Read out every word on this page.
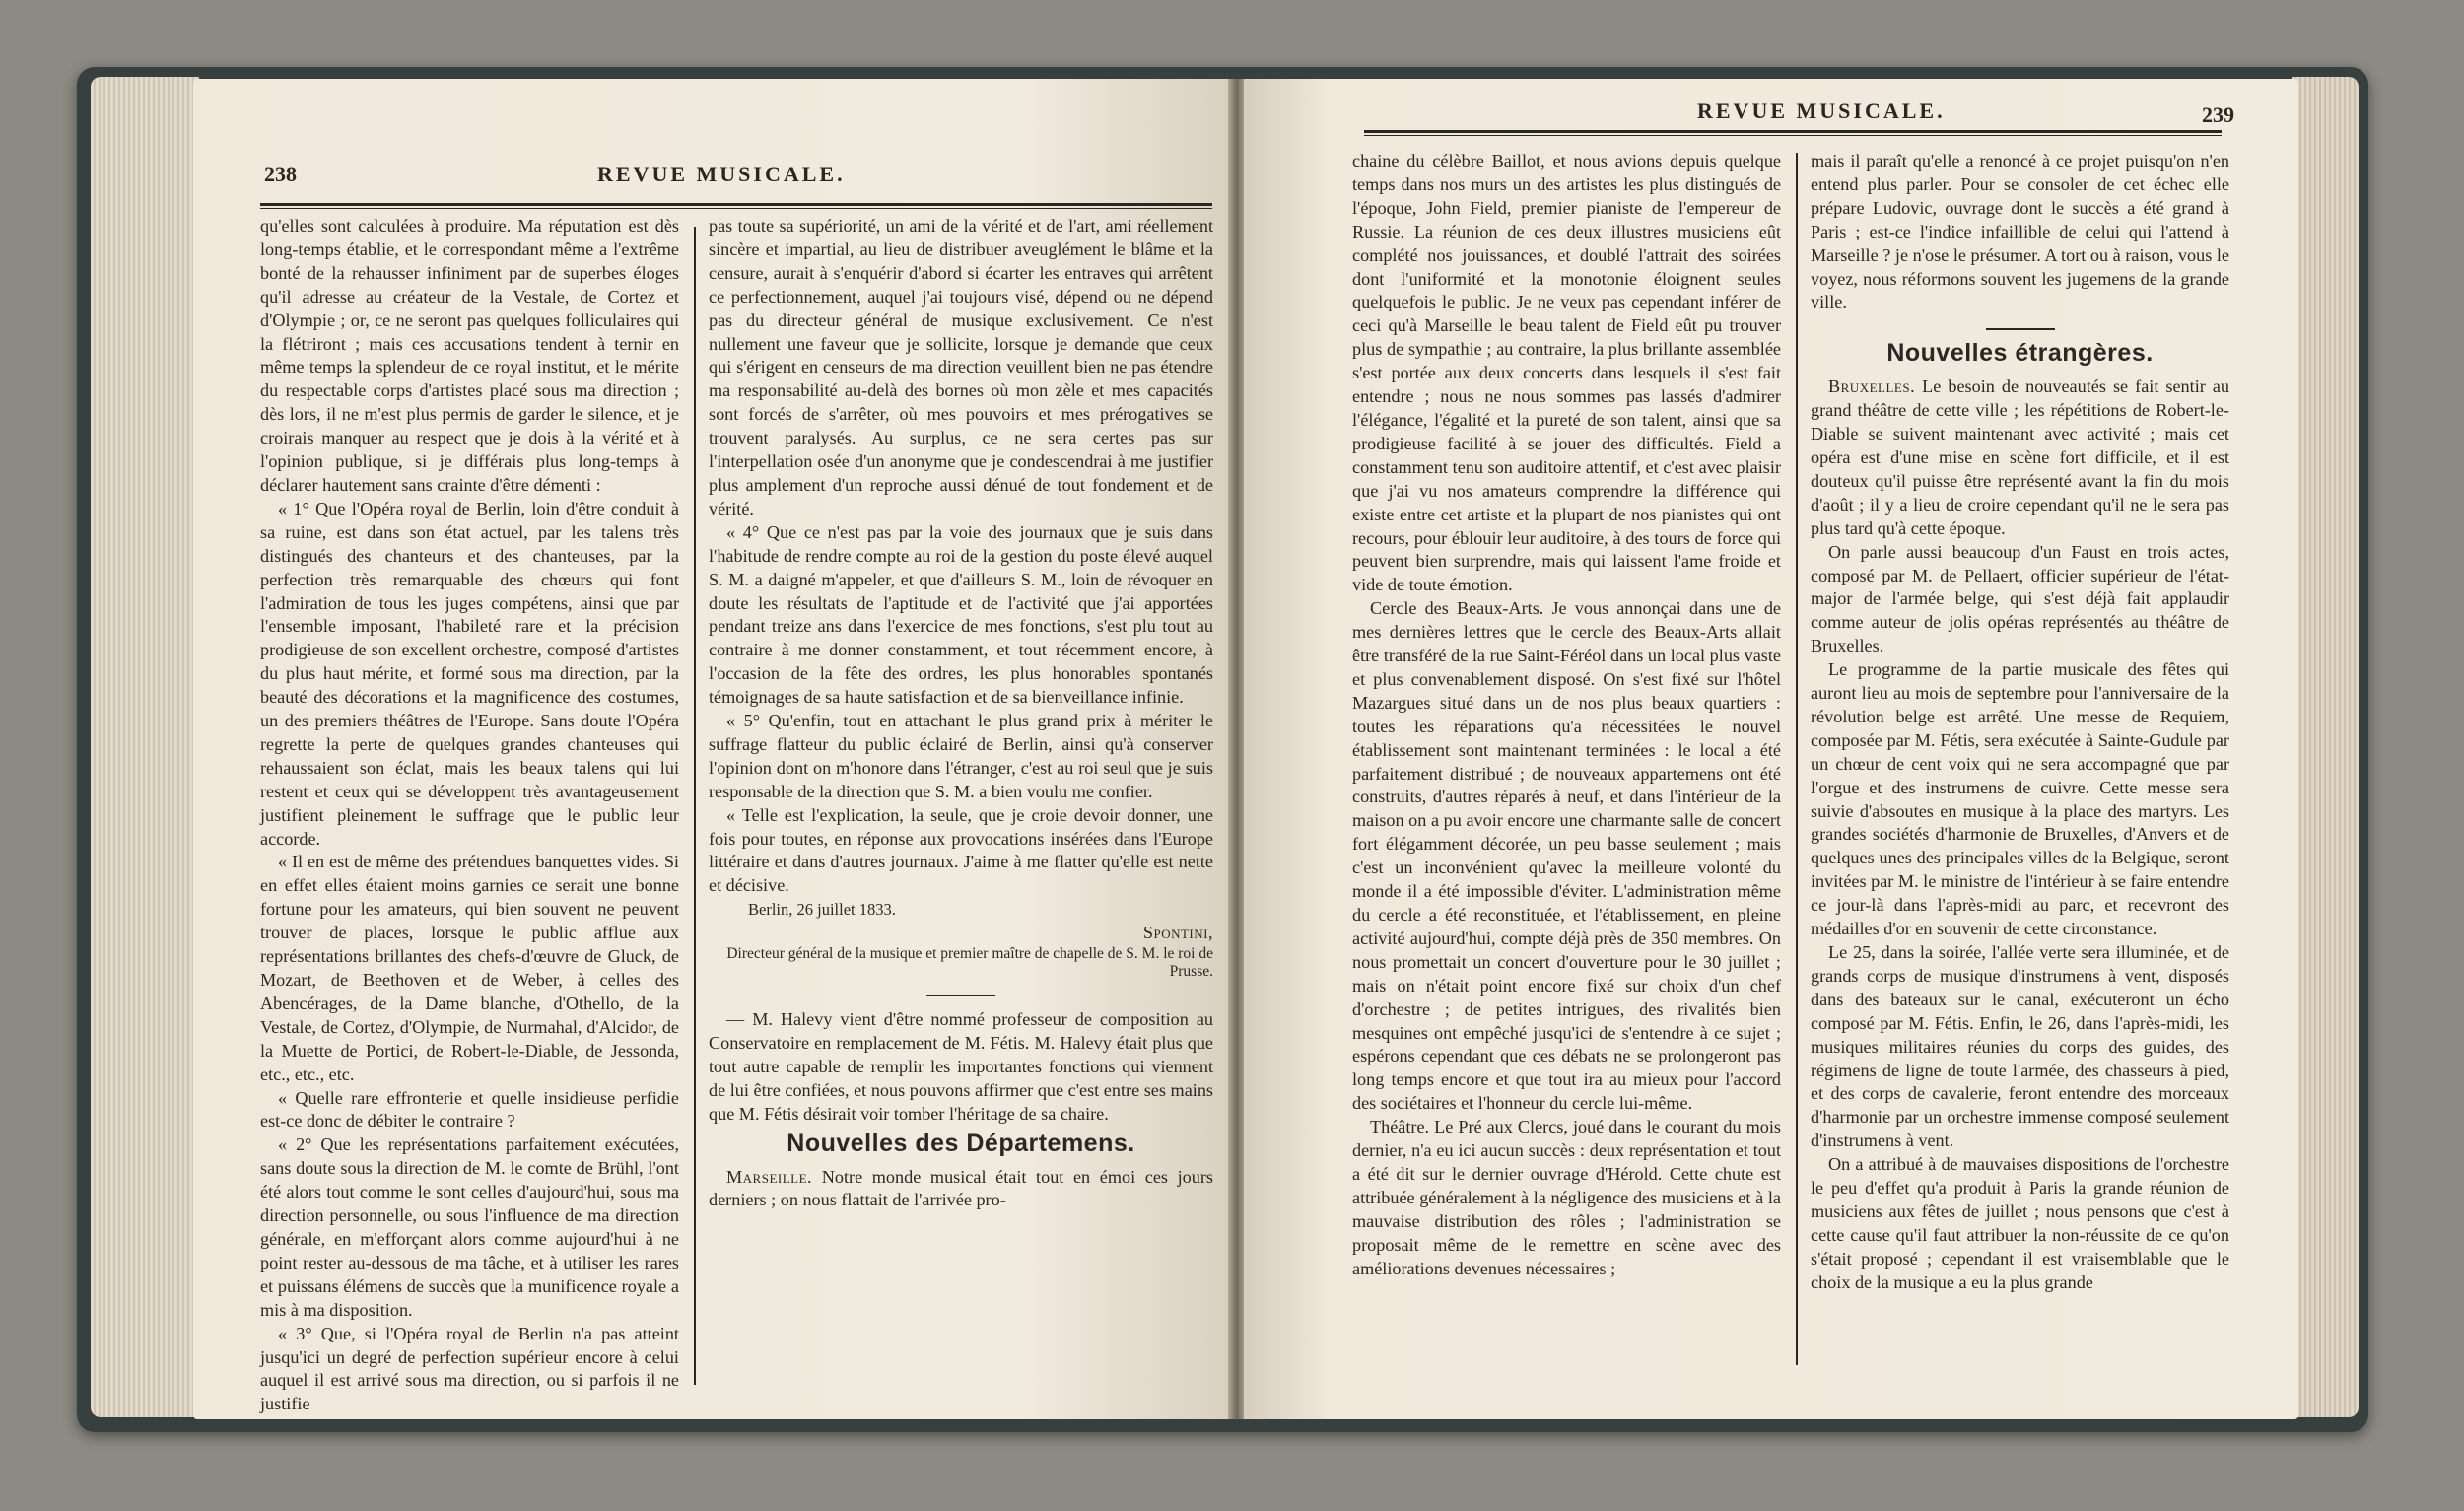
238	REVUE MUSICALE.

qu'elles sont calculées à produire. Ma réputation est dès long-temps établie, et le correspondant même a l'extrême bonté de la rehausser infiniment par de superbes éloges qu'il adresse au créateur de la Vestale, de Cortez et d'Olympie ; or, ce ne seront pas quelques folliculaires qui la flétriront ; mais ces accusations tendent à ternir en même temps la splendeur de ce royal institut, et le mérite du respectable corps d'artistes placé sous ma direction ; dès lors, il ne m'est plus permis de garder le silence, et je croirais manquer au respect que je dois à la vérité et à l'opinion publique, si je différais plus long-temps à déclarer hautement sans crainte d'être démenti :

« 1° Que l'Opéra royal de Berlin, loin d'être conduit à sa ruine, est dans son état actuel, par les talens très distingués des chanteurs et des chanteuses, par la perfection très remarquable des chœurs qui font l'admiration de tous les juges compétens, ainsi que par l'ensemble imposant, l'habileté rare et la précision prodigieuse de son excellent orchestre, composé d'artistes du plus haut mérite, et formé sous ma direction, par la beauté des décorations et la magnificence des costumes, un des premiers théâtres de l'Europe. Sans doute l'Opéra regrette la perte de quelques grandes chanteuses qui rehaussaient son éclat, mais les beaux talens qui lui restent et ceux qui se développent très avantageusement justifient pleinement le suffrage que le public leur accorde.

« Il en est de même des prétendues banquettes vides. Si en effet elles étaient moins garnies ce serait une bonne fortune pour les amateurs, qui bien souvent ne peuvent trouver de places, lorsque le public afflue aux représentations brillantes des chefs-d'œuvre de Gluck, de Mozart, de Beethoven et de Weber, à celles des Abencérages, de la Dame blanche, d'Othello, de la Vestale, de Cortez, d'Olympie, de Nurmahal, d'Alcidor, de la Muette de Portici, de Robert-le-Diable, de Jessonda, etc., etc., etc.

« Quelle rare effronterie et quelle insidieuse perfidie est-ce donc de débiter le contraire ?

« 2° Que les représentations parfaitement exécutées, sans doute sous la direction de M. le comte de Brühl, l'ont été alors tout comme le sont celles d'aujourd'hui, sous ma direction personnelle, ou sous l'influence de ma direction générale, en m'efforçant alors comme aujourd'hui à ne point rester au-dessous de ma tâche, et à utiliser les rares et puissans élémens de succès que la munificence royale a mis à ma disposition.

« 3° Que, si l'Opéra royal de Berlin n'a pas atteint jusqu'ici un degré de perfection supérieur encore à celui auquel il est arrivé sous ma direction, ou si parfois il ne justifie

pas toute sa supériorité, un ami de la vérité et de l'art, ami réellement sincère et impartial, au lieu de distribuer aveuglément le blâme et la censure, aurait à s'enquérir d'abord si écarter les entraves qui arrêtent ce perfectionnement, auquel j'ai toujours visé, dépend ou ne dépend pas du directeur général de musique exclusivement. Ce n'est nullement une faveur que je sollicite, lorsque je demande que ceux qui s'érigent en censeurs de ma direction veuillent bien ne pas étendre ma responsabilité au-delà des bornes où mon zèle et mes capacités sont forcés de s'arrêter, où mes pouvoirs et mes prérogatives se trouvent paralysés. Au surplus, ce ne sera certes pas sur l'interpellation osée d'un anonyme que je condescendrai à me justifier plus amplement d'un reproche aussi dénué de tout fondement et de vérité.

« 4° Que ce n'est pas par la voie des journaux que je suis dans l'habitude de rendre compte au roi de la gestion du poste élevé auquel S. M. a daigné m'appeler, et que d'ailleurs S. M., loin de révoquer en doute les résultats de l'aptitude et de l'activité que j'ai apportées pendant treize ans dans l'exercice de mes fonctions, s'est plu tout au contraire à me donner constamment, et tout récemment encore, à l'occasion de la fête des ordres, les plus honorables spontanés témoignages de sa haute satisfaction et de sa bienveillance infinie.

« 5° Qu'enfin, tout en attachant le plus grand prix à mériter le suffrage flatteur du public éclairé de Berlin, ainsi qu'à conserver l'opinion dont on m'honore dans l'étranger, c'est au roi seul que je suis responsable de la direction que S. M. a bien voulu me confier.

« Telle est l'explication, la seule, que je croie devoir donner, une fois pour toutes, en réponse aux provocations insérées dans l'Europe littéraire et dans d'autres journaux. J'aime à me flatter qu'elle est nette et décisive.

Berlin, 26 juillet 1833.

Spontini,

Directeur général de la musique et premier maître de chapelle de S. M. le roi de Prusse.

— M. Halevy vient d'être nommé professeur de composition au Conservatoire en remplacement de M. Fétis. M. Halevy était plus que tout autre capable de remplir les importantes fonctions qui viennent de lui être confiées, et nous pouvons affirmer que c'est entre ses mains que M. Fétis désirait voir tomber l'héritage de sa chaire.

Nouvelles des Départemens.

Marseille. Notre monde musical était tout en émoi ces jours derniers ; on nous flattait de l'arrivée pro-

REVUE MUSICALE.	239

chaine du célèbre Baillot, et nous avions depuis quelque temps dans nos murs un des artistes les plus distingués de l'époque, John Field, premier pianiste de l'empereur de Russie. La réunion de ces deux illustres musiciens eût complété nos jouissances, et doublé l'attrait des soirées dont l'uniformité et la monotonie éloignent seules quelquefois le public. Je ne veux pas cependant inférer de ceci qu'à Marseille le beau talent de Field eût pu trouver plus de sympathie ; au contraire, la plus brillante assemblée s'est portée aux deux concerts dans lesquels il s'est fait entendre ; nous ne nous sommes pas lassés d'admirer l'élégance, l'égalité et la pureté de son talent, ainsi que sa prodigieuse facilité à se jouer des difficultés. Field a constamment tenu son auditoire attentif, et c'est avec plaisir que j'ai vu nos amateurs comprendre la différence qui existe entre cet artiste et la plupart de nos pianistes qui ont recours, pour éblouir leur auditoire, à des tours de force qui peuvent bien surprendre, mais qui laissent l'ame froide et vide de toute émotion.

Cercle des Beaux-Arts. Je vous annonçai dans une de mes dernières lettres que le cercle des Beaux-Arts allait être transféré de la rue Saint-Féréol dans un local plus vaste et plus convenablement disposé. On s'est fixé sur l'hôtel Mazargues situé dans un de nos plus beaux quartiers : toutes les réparations qu'a nécessitées le nouvel établissement sont maintenant terminées : le local a été parfaitement distribué ; de nouveaux appartemens ont été construits, d'autres réparés à neuf, et dans l'intérieur de la maison on a pu avoir encore une charmante salle de concert fort élégamment décorée, un peu basse seulement ; mais c'est un inconvénient qu'avec la meilleure volonté du monde il a été impossible d'éviter. L'administration même du cercle a été reconstituée, et l'établissement, en pleine activité aujourd'hui, compte déjà près de 350 membres. On nous promettait un concert d'ouverture pour le 30 juillet ; mais on n'était point encore fixé sur choix d'un chef d'orchestre ; de petites intrigues, des rivalités bien mesquines ont empêché jusqu'ici de s'entendre à ce sujet ; espérons cependant que ces débats ne se prolongeront pas long temps encore et que tout ira au mieux pour l'accord des sociétaires et l'honneur du cercle lui-même.

Théâtre. Le Pré aux Clercs, joué dans le courant du mois dernier, n'a eu ici aucun succès : deux représentation et tout a été dit sur le dernier ouvrage d'Hérold. Cette chute est attribuée généralement à la négligence des musiciens et à la mauvaise distribution des rôles ; l'administration se proposait même de le remettre en scène avec des améliorations devenues nécessaires ;

mais il paraît qu'elle a renoncé à ce projet puisqu'on n'en entend plus parler. Pour se consoler de cet échec elle prépare Ludovic, ouvrage dont le succès a été grand à Paris ; est-ce l'indice infaillible de celui qui l'attend à Marseille ? je n'ose le présumer. A tort ou à raison, vous le voyez, nous réformons souvent les jugemens de la grande ville.

Nouvelles étrangères.

Bruxelles. Le besoin de nouveautés se fait sentir au grand théâtre de cette ville ; les répétitions de Robert-le-Diable se suivent maintenant avec activité ; mais cet opéra est d'une mise en scène fort difficile, et il est douteux qu'il puisse être représenté avant la fin du mois d'août ; il y a lieu de croire cependant qu'il ne le sera pas plus tard qu'à cette époque.

On parle aussi beaucoup d'un Faust en trois actes, composé par M. de Pellaert, officier supérieur de l'état-major de l'armée belge, qui s'est déjà fait applaudir comme auteur de jolis opéras représentés au théâtre de Bruxelles.

Le programme de la partie musicale des fêtes qui auront lieu au mois de septembre pour l'anniversaire de la révolution belge est arrêté. Une messe de Requiem, composée par M. Fétis, sera exécutée à Sainte-Gudule par un chœur de cent voix qui ne sera accompagné que par l'orgue et des instrumens de cuivre. Cette messe sera suivie d'absoutes en musique à la place des martyrs. Les grandes sociétés d'harmonie de Bruxelles, d'Anvers et de quelques unes des principales villes de la Belgique, seront invitées par M. le ministre de l'intérieur à se faire entendre ce jour-là dans l'après-midi au parc, et recevront des médailles d'or en souvenir de cette circonstance.

Le 25, dans la soirée, l'allée verte sera illuminée, et de grands corps de musique d'instrumens à vent, disposés dans des bateaux sur le canal, exécuteront un écho composé par M. Fétis. Enfin, le 26, dans l'après-midi, les musiques militaires réunies du corps des guides, des régimens de ligne de toute l'armée, des chasseurs à pied, et des corps de cavalerie, feront entendre des morceaux d'harmonie par un orchestre immense composé seulement d'instrumens à vent.

On a attribué à de mauvaises dispositions de l'orchestre le peu d'effet qu'a produit à Paris la grande réunion de musiciens aux fêtes de juillet ; nous pensons que c'est à cette cause qu'il faut attribuer la non-réussite de ce qu'on s'était proposé ; cependant il est vraisemblable que le choix de la musique a eu la plus grande
